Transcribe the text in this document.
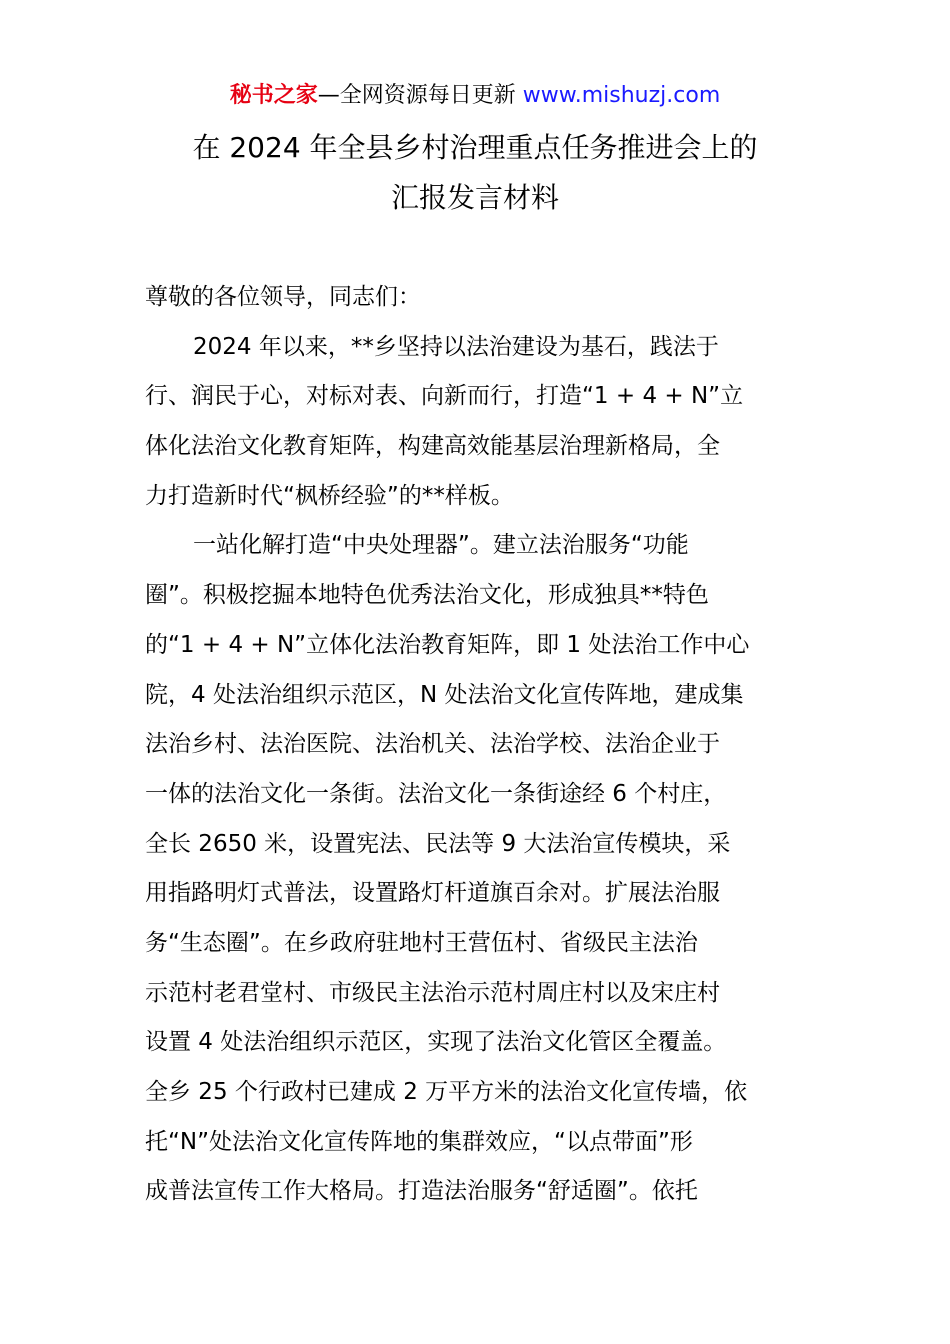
秘书之家—全网资源每日更新 www.mishuzj.com
在 2024 年全县乡村治理重点任务推进会上的
汇报发言材料
尊敬的各位领导，同志们：
2024 年以来，**乡坚持以法治建设为基石，践法于
行、润民于心，对标对表、向新而行，打造“1 + 4 + N”立
体化法治文化教育矩阵，构建高效能基层治理新格局，全
力打造新时代“枫桥经验”的**样板。
一站化解打造“中央处理器”。建立法治服务“功能
圈”。积极挖掘本地特色优秀法治文化，形成独具**特色
的“1 + 4 + N”立体化法治教育矩阵，即 1 处法治工作中心
院，4 处法治组织示范区，N 处法治文化宣传阵地，建成集
法治乡村、法治医院、法治机关、法治学校、法治企业于
一体的法治文化一条街。法治文化一条街途经 6 个村庄，
全长 2650 米，设置宪法、民法等 9 大法治宣传模块，采
用指路明灯式普法，设置路灯杆道旗百余对。扩展法治服
务“生态圈”。在乡政府驻地村王营伍村、省级民主法治
示范村老君堂村、市级民主法治示范村周庄村以及宋庄村
设置 4 处法治组织示范区，实现了法治文化管区全覆盖。
全乡 25 个行政村已建成 2 万平方米的法治文化宣传墙，依
托“N”处法治文化宣传阵地的集群效应，“以点带面”形
成普法宣传工作大格局。打造法治服务“舒适圈”。依托
